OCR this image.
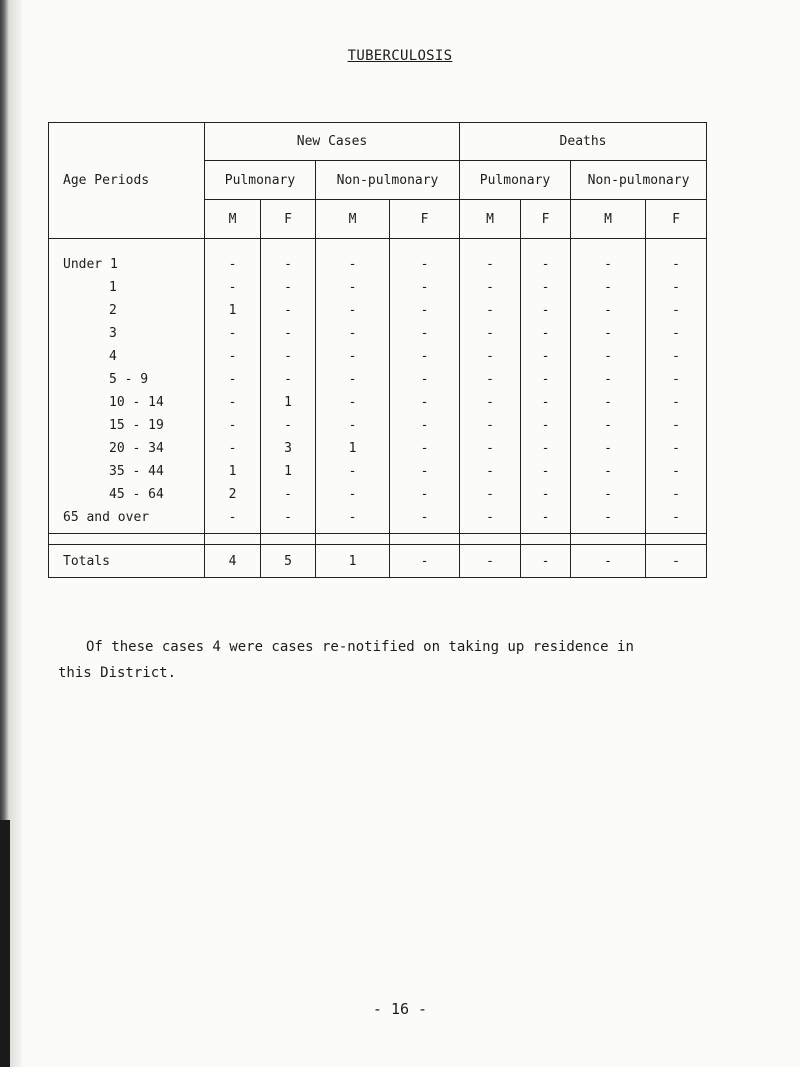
TUBERCULOSIS
Age Periods	New Cases				Deaths			
	Pulmonary		Non-pulmonary		Pulmonary		Non-pulmonary	
	M	F	M	F	M	F	M	F

Under 1	-	-	-	-	-	-	-	-
1	-	-	-	-	-	-	-	-
2	1	-	-	-	-	-	-	-
3	-	-	-	-	-	-	-	-
4	-	-	-	-	-	-	-	-
5 - 9	-	-	-	-	-	-	-	-
10 - 14	-	1	-	-	-	-	-	-
15 - 19	-	-	-	-	-	-	-	-
20 - 34	-	3	1	-	-	-	-	-
35 - 44	1	1	-	-	-	-	-	-
45 - 64	2	-	-	-	-	-	-	-
65 and over	-	-	-	-	-	-	-	-

Totals	4	5	1	-	-	-	-	-
Of these cases 4 were cases re-notified on taking up residence in
this District.
- 16 -
